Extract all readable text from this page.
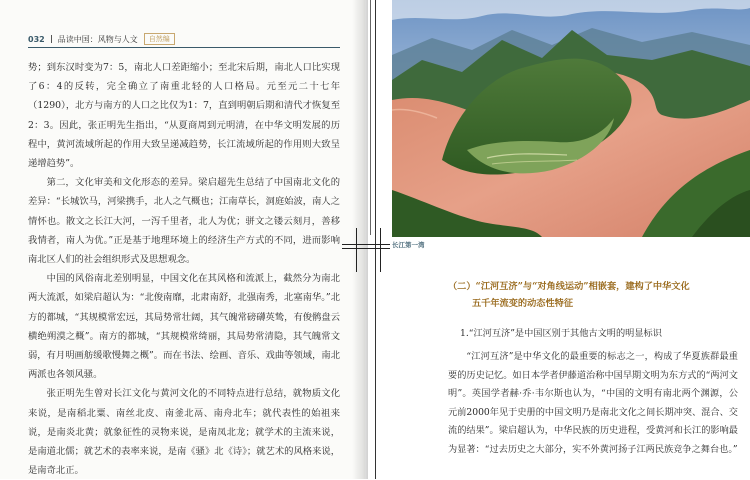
032 品读中国：风物与人文	自然编

势；到东汉时变为7：5，南北人口差距缩小；至北宋后期，南北人口比实现了6：4的反转，完全确立了南重北轻的人口格局。元至元二十七年（1290），北方与南方的人口之比仅为1：7，直到明朝后期和清代才恢复至2：3。因此，张正明先生指出，“从夏商周到元明清，在中华文明发展的历程中，黄河流域所起的作用大致呈递减趋势，长江流域所起的作用则大致呈递增趋势”。

第二，文化审美和文化形态的差异。梁启超先生总结了中国南北文化的差异：“长城饮马，河梁携手，北人之气概也；江南草长，洞庭始波，南人之情怀也。散文之长江大河，一泻千里者，北人为优；骈文之镂云刻月，善移我情者，南人为优。”正是基于地理环境上的经济生产方式的不同，进而影响南北区人们的社会组织形式及思想观念。

中国的风俗南北差别明显，中国文化在其风格和流派上，截然分为南北两大流派，如梁启超认为：“北俊南靡，北肃南舒，北强南秀，北塞南华。”北方的都城，“其规模常宏远，其局势常壮阔，其气魄常磅礴英鸷，有俊鹘盘云横绝朔漠之概”。南方的都城，“其规模常绮丽，其局势常清隐，其气魄常文弱，有月明画舫缓歌慢舞之概”。而在书法、绘画、音乐、戏曲等领域，南北两派也各领风骚。

张正明先生曾对长江文化与黄河文化的不同特点进行总结，就物质文化来说，是南稻北粟、南丝北皮、南釜北鬲、南舟北车；就代表性的始祖来说，是南炎北黄；就象征性的灵物来说，是南凤北龙；就学术的主流来说，是南道北儒；就艺术的表率来说，是南《骚》北《诗》；就艺术的风格来说，是南奇北正。

长江第一湾
（二）“江河互济”与“对角线运动”相嵌套，建构了中华文化
五千年流变的动态性特征
1.“江河互济”是中国区别于其他古文明的明显标识

“江河互济”是中华文化的最重要的标志之一，构成了华夏族群最重要的历史记忆。如日本学者伊藤道治称中国早期文明为东方式的“两河文明”。英国学者赫·乔·韦尔斯也认为，“中国的文明有南北两个渊源，公元前2000年见于史册的中国文明乃是南北文化之间长期冲突、混合、交流的结果”。梁启超认为，中华民族的历史进程，受黄河和长江的影响最为显著：“过去历史之大部分，实不外黄河扬子江两民族竞争之舞台也。”
